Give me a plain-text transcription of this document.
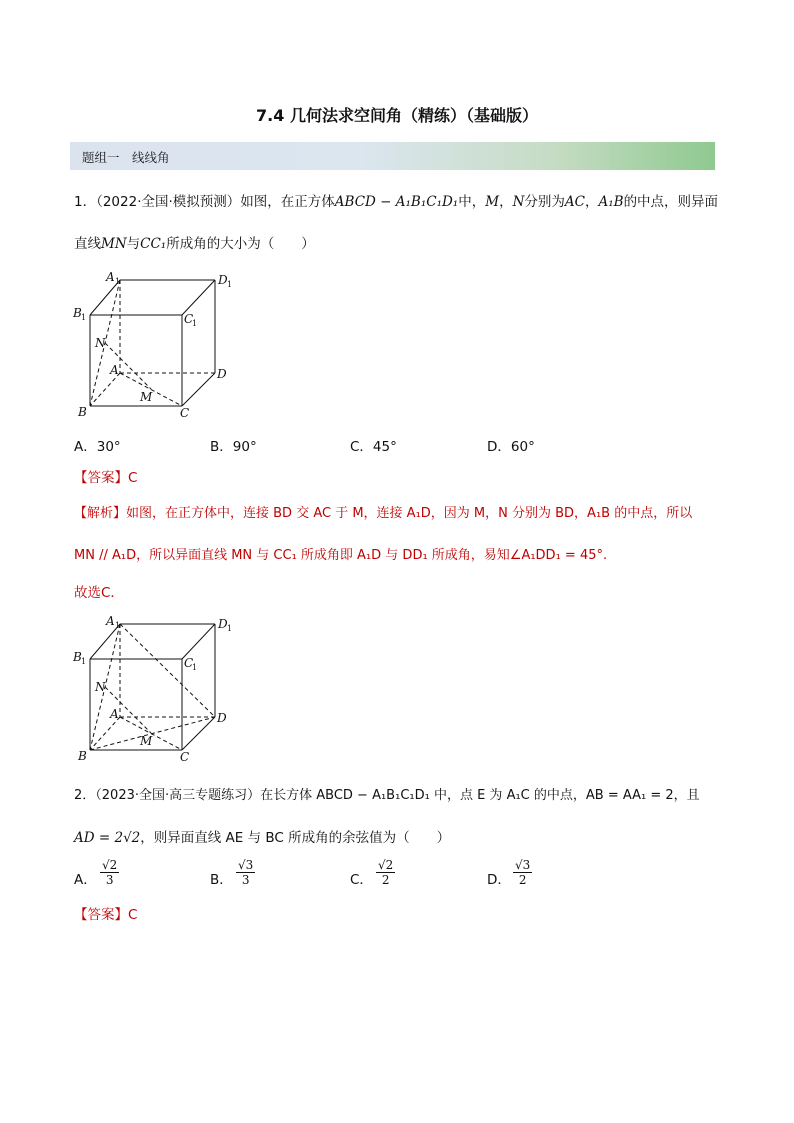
7.4 几何法求空间角（精练）（基础版）
题组一　线线角
1．（2022·全国·模拟预测）如图，在正方体ABCD − A₁B₁C₁D₁中，M，N分别为AC，A₁B的中点，则异面
直线MN与CC₁所成角的大小为（　　）
A 1	D 1
B 1	C
1
A
B	C
D
N
M
A．30°	B．90°	C．45°	D．60°
【答案】C
【解析】如图，在正方体中，连接 BD 交 AC 于 M，连接 A₁D，因为 M，N 分别为 BD，A₁B 的中点，所以
MN // A₁D，所以异面直线 MN 与 CC₁ 所成角即 A₁D 与 DD₁ 所成角，易知∠A₁DD₁ = 45°.
故选C．
A 1	D 1
B 1	C
1
A
B	C
D
N
M
2．（2023·全国·高三专题练习）在长方体 ABCD − A₁B₁C₁D₁ 中，点 E 为 A₁C 的中点，AB = AA₁ = 2，且
AD = 2√2，则异面直线 AE 与 BC 所成角的余弦值为（　　）
A． $\frac{√2}{3}$	B． $\frac{√3}{3}$	C． $\frac{√2}{2}$	D． $\frac{√3}{2}$
【答案】C
